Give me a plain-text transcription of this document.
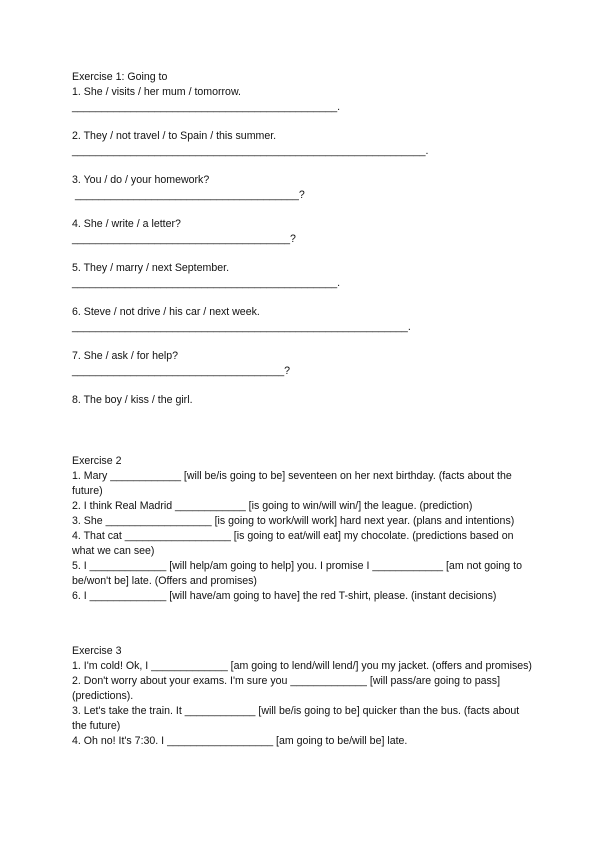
Exercise 1: Going to
1. She / visits / her mum / tomorrow.
_____________________________________________.
2. They / not travel / to Spain / this summer.
____________________________________________________________.
3. You / do / your homework?
______________________________________?
4. She / write / a letter?
_____________________________________?
5. They / marry / next September.
_____________________________________________.
6. Steve / not drive / his car / next week.
_________________________________________________________.
7. She / ask / for help?
____________________________________?
8. The boy / kiss / the girl.
Exercise 2
1. Mary ____________ [will be/is going to be] seventeen on her next birthday. (facts about the future)
2. I think Real Madrid ____________ [is going to win/will win/] the league. (prediction)
3. She __________________ [is going to work/will work] hard next year. (plans and intentions)
4. That cat __________________ [is going to eat/will eat] my chocolate. (predictions based on what we can see)
5. I _____________ [will help/am going to help] you. I promise I ____________ [am not going to be/won't be] late. (Offers and promises)
6. I _____________ [will have/am going to have] the red T-shirt, please. (instant decisions)
Exercise 3
1. I'm cold! Ok, I _____________ [am going to lend/will lend/] you my jacket. (offers and promises)
2. Don't worry about your exams. I'm sure you _____________ [will pass/are going to pass] (predictions).
3. Let's take the train. It ____________ [will be/is going to be] quicker than the bus. (facts about the future)
4. Oh no! It's 7:30. I __________________ [am going to be/will be] late.
